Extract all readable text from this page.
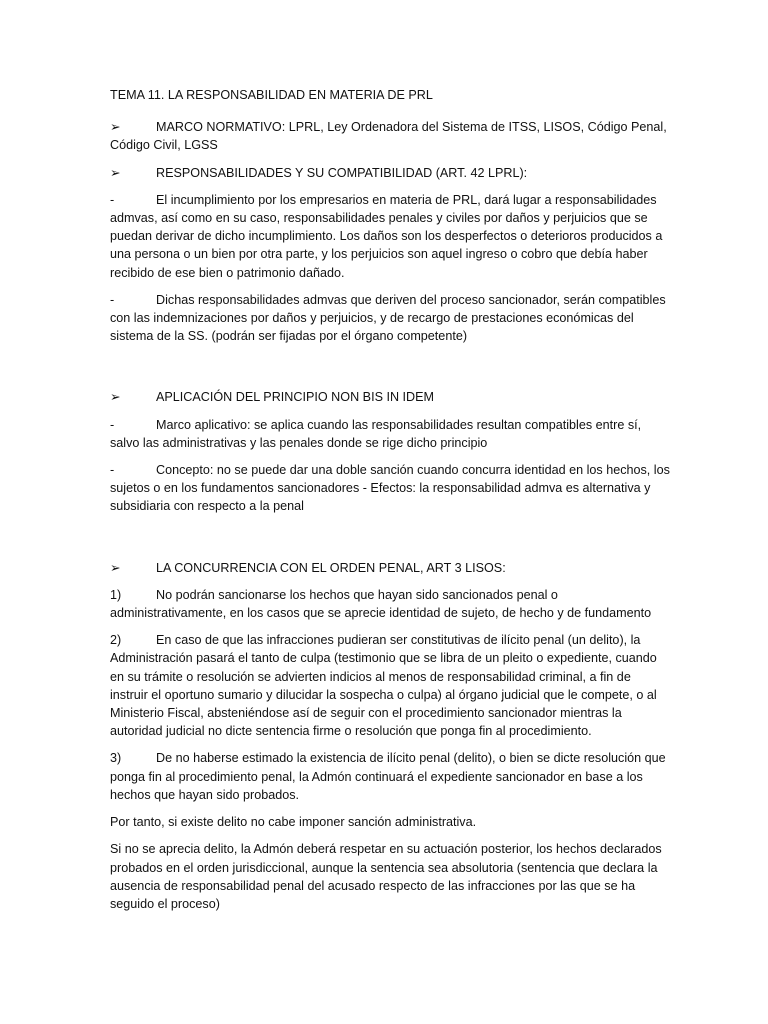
TEMA 11. LA RESPONSABILIDAD EN MATERIA DE PRL

➢	MARCO NORMATIVO: LPRL, Ley Ordenadora del Sistema de ITSS, LISOS, Código Penal, Código Civil, LGSS

➢	RESPONSABILIDADES Y SU COMPATIBILIDAD (ART. 42 LPRL):

-	El incumplimiento por los empresarios en materia de PRL, dará lugar a responsabilidades admvas, así como en su caso, responsabilidades penales y civiles por daños y perjuicios que se puedan derivar de dicho incumplimiento. Los daños son los desperfectos o deterioros producidos a una persona o un bien por otra parte, y los perjuicios son aquel ingreso o cobro que debía haber recibido de ese bien o patrimonio dañado.

-	Dichas responsabilidades admvas que deriven del proceso sancionador, serán compatibles con las indemnizaciones por daños y perjuicios, y de recargo de prestaciones económicas del sistema de la SS. (podrán ser fijadas por el órgano competente)

➢	APLICACIÓN DEL PRINCIPIO NON BIS IN IDEM

-	Marco aplicativo: se aplica cuando las responsabilidades resultan compatibles entre sí, salvo las administrativas y las penales donde se rige dicho principio

-	Concepto: no se puede dar una doble sanción cuando concurra identidad en los hechos, los sujetos o en los fundamentos sancionadores - Efectos: la responsabilidad admva es alternativa y subsidiaria con respecto a la penal

➢	LA CONCURRENCIA CON EL ORDEN PENAL, ART 3 LISOS:

1)	No podrán sancionarse los hechos que hayan sido sancionados penal o administrativamente, en los casos que se aprecie identidad de sujeto, de hecho y de fundamento

2)	En caso de que las infracciones pudieran ser constitutivas de ilícito penal (un delito), la Administración pasará el tanto de culpa (testimonio que se libra de un pleito o expediente, cuando en su trámite o resolución se advierten indicios al menos de responsabilidad criminal, a fin de instruir el oportuno sumario y dilucidar la sospecha o culpa) al órgano judicial que le compete, o al Ministerio Fiscal, absteniéndose así de seguir con el procedimiento sancionador mientras la autoridad judicial no dicte sentencia firme o resolución que ponga fin al procedimiento.

3)	De no haberse estimado la existencia de ilícito penal (delito), o bien se dicte resolución que ponga fin al procedimiento penal, la Admón continuará el expediente sancionador en base a los hechos que hayan sido probados.

Por tanto, si existe delito no cabe imponer sanción administrativa.

Si no se aprecia delito, la Admón deberá respetar en su actuación posterior, los hechos declarados probados en el orden jurisdiccional, aunque la sentencia sea absolutoria (sentencia que declara la ausencia de responsabilidad penal del acusado respecto de las infracciones por las que se ha seguido el proceso)
